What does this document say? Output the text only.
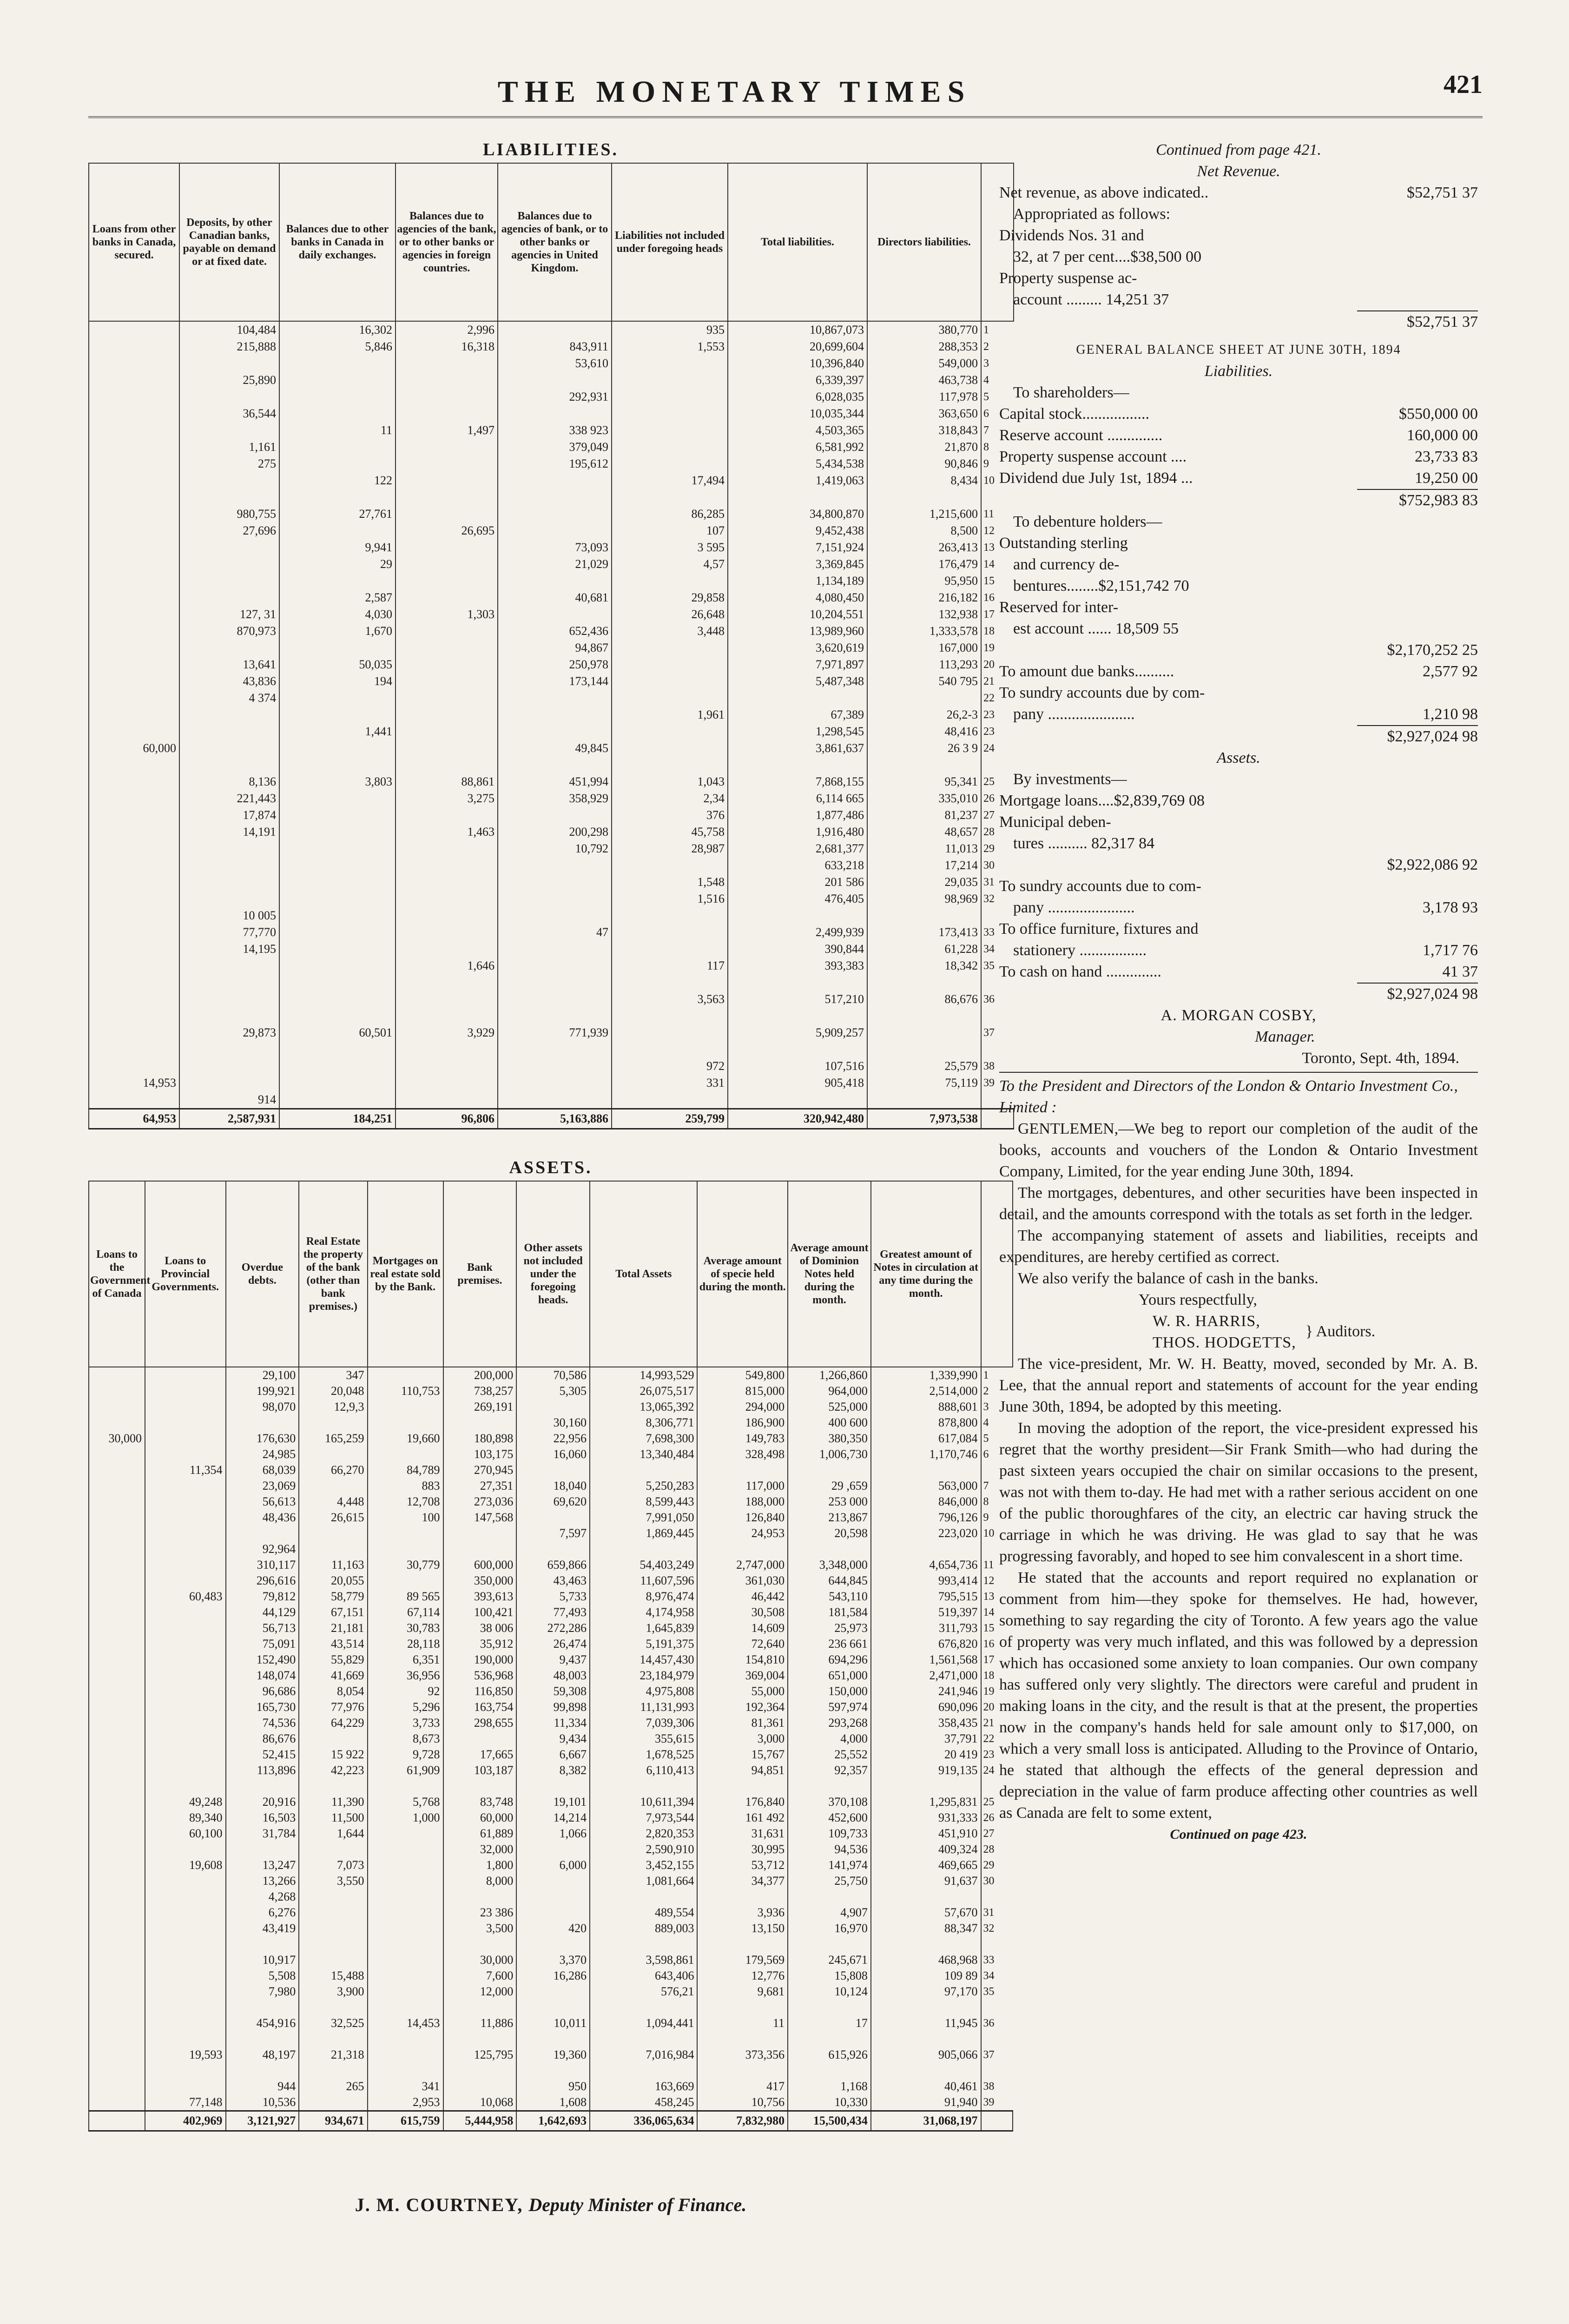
THE MONETARY TIMES	421
LIABILITIES.
Loans from other banks in Canada, secured.	Deposits, by other Canadian banks, payable on demand or at fixed date.	Balances due to other banks in Canada in daily exchanges.	Balances due to agencies of the bank, or to other banks or agencies in foreign countries.	Balances due to agencies of bank, or to other banks or agencies in United Kingdom.	Liabilities not included under foregoing heads	Total liabilities.	Directors liabilities.	
	104,484	16,302	2,996		935	10,867,073	380,770	1
	215,888	5,846	16,318	843,911	1,553	20,699,604	288,353	2
				53,610		10,396,840	549,000	3
	25,890					6,339,397	463,738	4
				292,931		6,028,035	117,978	5
	36,544					10,035,344	363,650	6
		11	1,497	338 923		4,503,365	318,843	7
	1,161			379,049		6,581,992	21,870	8
	275			195,612		5,434,538	90,846	9
		122			17,494	1,419,063	8,434	10

	980,755	27,761			86,285	34,800,870	1,215,600	11
	27,696		26,695		107	9,452,438	8,500	12
		9,941		73,093	3 595	7,151,924	263,413	13
		29		21,029	4,57	3,369,845	176,479	14
						1,134,189	95,950	15
		2,587		40,681	29,858	4,080,450	216,182	16
	127, 31	4,030	1,303		26,648	10,204,551	132,938	17
	870,973	1,670		652,436	3,448	13,989,960	1,333,578	18
				94,867		3,620,619	167,000	19
	13,641	50,035		250,978		7,971,897	113,293	20
	43,836	194		173,144		5,487,348	540 795	21
	4 374							22
					1,961	67,389	26,2-3	23
		1,441				1,298,545	48,416	23
60,000				49,845		3,861,637	26 3 9	24

	8,136	3,803	88,861	451,994	1,043	7,868,155	95,341	25
	221,443		3,275	358,929	2,34	6,114 665	335,010	26
	17,874				376	1,877,486	81,237	27
	14,191		1,463	200,298	45,758	1,916,480	48,657	28
				10,792	28,987	2,681,377	11,013	29
						633,218	17,214	30
					1,548	201 586	29,035	31
					1,516	476,405	98,969	32
	10 005							
	77,770			47		2,499,939	173,413	33
	14,195					390,844	61,228	34
			1,646		117	393,383	18,342	35

					3,563	517,210	86,676	36

	29,873	60,501	3,929	771,939		5,909,257		37

					972	107,516	25,579	38
14,953					331	905,418	75,119	39
	914							
64,953	2,587,931	184,251	96,806	5,163,886	259,799	320,942,480	7,973,538	
ASSETS.
Loans to the Government of Canada	Loans to Provincial Governments.	Overdue debts.	Real Estate the property of the bank (other than bank premises.)	Mortgages on real estate sold by the Bank.	Bank premises.	Other assets not included under the foregoing heads.	Total Assets	Average amount of specie held during the month.	Average amount of Dominion Notes held during the month.	Greatest amount of Notes in circulation at any time during the month.	
		29,100	347		200,000	70,586	14,993,529	549,800	1,266,860	1,339,990	1
		199,921	20,048	110,753	738,257	5,305	26,075,517	815,000	964,000	2,514,000	2
		98,070	12,9,3		269,191		13,065,392	294,000	525,000	888,601	3
						30,160	8,306,771	186,900	400 600	878,800	4
30,000		176,630	165,259	19,660	180,898	22,956	7,698,300	149,783	380,350	617,084	5
		24,985			103,175	16,060	13,340,484	328,498	1,006,730	1,170,746	6
	11,354	68,039	66,270	84,789	270,945						
		23,069		883	27,351	18,040	5,250,283	117,000	29 ,659	563,000	7
		56,613	4,448	12,708	273,036	69,620	8,599,443	188,000	253 000	846,000	8
		48,436	26,615	100	147,568		7,991,050	126,840	213,867	796,126	9
						7,597	1,869,445	24,953	20,598	223,020	10
		92,964									
		310,117	11,163	30,779	600,000	659,866	54,403,249	2,747,000	3,348,000	4,654,736	11
		296,616	20,055		350,000	43,463	11,607,596	361,030	644,845	993,414	12
	60,483	79,812	58,779	89 565	393,613	5,733	8,976,474	46,442	543,110	795,515	13
		44,129	67,151	67,114	100,421	77,493	4,174,958	30,508	181,584	519,397	14
		56,713	21,181	30,783	38 006	272,286	1,645,839	14,609	25,973	311,793	15
		75,091	43,514	28,118	35,912	26,474	5,191,375	72,640	236 661	676,820	16
		152,490	55,829	6,351	190,000	9,437	14,457,430	154,810	694,296	1,561,568	17
		148,074	41,669	36,956	536,968	48,003	23,184,979	369,004	651,000	2,471,000	18
		96,686	8,054	92	116,850	59,308	4,975,808	55,000	150,000	241,946	19
		165,730	77,976	5,296	163,754	99,898	11,131,993	192,364	597,974	690,096	20
		74,536	64,229	3,733	298,655	11,334	7,039,306	81,361	293,268	358,435	21
		86,676		8,673		9,434	355,615	3,000	4,000	37,791	22
		52,415	15 922	9,728	17,665	6,667	1,678,525	15,767	25,552	20 419	23
		113,896	42,223	61,909	103,187	8,382	6,110,413	94,851	92,357	919,135	24

	49,248	20,916	11,390	5,768	83,748	19,101	10,611,394	176,840	370,108	1,295,831	25
	89,340	16,503	11,500	1,000	60,000	14,214	7,973,544	161 492	452,600	931,333	26
	60,100	31,784	1,644		61,889	1,066	2,820,353	31,631	109,733	451,910	27
					32,000		2,590,910	30,995	94,536	409,324	28
	19,608	13,247	7,073		1,800	6,000	3,452,155	53,712	141,974	469,665	29
		13,266	3,550		8,000		1,081,664	34,377	25,750	91,637	30
		4,268									
		6,276			23 386		489,554	3,936	4,907	57,670	31
		43,419			3,500	420	889,003	13,150	16,970	88,347	32

		10,917			30,000	3,370	3,598,861	179,569	245,671	468,968	33
		5,508	15,488		7,600	16,286	643,406	12,776	15,808	109 89	34
		7,980	3,900		12,000		576,21	9,681	10,124	97,170	35

		454,916	32,525	14,453	11,886	10,011	1,094,441	11	17	11,945	36

	19,593	48,197	21,318		125,795	19,360	7,016,984	373,356	615,926	905,066	37

		944	265	341		950	163,669	417	1,168	40,461	38
	77,148	10,536		2,953	10,068	1,608	458,245	10,756	10,330	91,940	39
	402,969	3,121,927	934,671	615,759	5,444,958	1,642,693	336,065,634	7,832,980	15,500,434	31,068,197	
J. M. COURTNEY, Deputy Minister of Finance.
Continued from page 421.
Net Revenue.
Net revenue, as above indicated..	$52,751 37
Appropriated as follows:
Dividends Nos. 31 and
32, at 7 per cent....$38,500 00
Property suspense ac-
account ......... 14,251 37
$52,751 37
GENERAL BALANCE SHEET AT JUNE 30TH, 1894
Liabilities.
To shareholders—
Capital stock.................	$550,000 00
Reserve account ..............	160,000 00
Property suspense account ....	23,733 83
Dividend due July 1st, 1894 ...	19,250 00
$752,983 83
To debenture holders—
Outstanding sterling
and currency de-
bentures........$2,151,742 70
Reserved for inter-
est account ...... 18,509 55
$2,170,252 25
To amount due banks..........	2,577 92
To sundry accounts due by com-
pany ......................	1,210 98
$2,927,024 98
Assets.
By investments—
Mortgage loans....$2,839,769 08
Municipal deben-
tures .......... 82,317 84
$2,922,086 92
To sundry accounts due to com-
pany ......................	3,178 93
To office furniture, fixtures and
stationery .................	1,717 76
To cash on hand ..............	41 37
$2,927,024 98
A. MORGAN COSBY,
Manager.
Toronto, Sept. 4th, 1894.
To the President and Directors of the London & Ontario Investment Co., Limited :
GENTLEMEN,—We beg to report our completion of the audit of the books, accounts and vouchers of the London & Ontario Investment Company, Limited, for the year ending June 30th, 1894.
The mortgages, debentures, and other securities have been inspected in detail, and the amounts correspond with the totals as set forth in the ledger.
The accompanying statement of assets and liabilities, receipts and expenditures, are hereby certified as correct.
We also verify the balance of cash in the banks.
Yours respectfully,
W. R. HARRIS,
THOS. HODGETTS,
} Auditors.
The vice-president, Mr. W. H. Beatty, moved, seconded by Mr. A. B. Lee, that the annual report and statements of account for the year ending June 30th, 1894, be adopted by this meeting.
In moving the adoption of the report, the vice-president expressed his regret that the worthy president—Sir Frank Smith—who had during the past sixteen years occupied the chair on similar occasions to the present, was not with them to-day. He had met with a rather serious accident on one of the public thoroughfares of the city, an electric car having struck the carriage in which he was driving. He was glad to say that he was progressing favorably, and hoped to see him convalescent in a short time.
He stated that the accounts and report required no explanation or comment from him—they spoke for themselves. He had, however, something to say regarding the city of Toronto. A few years ago the value of property was very much inflated, and this was followed by a depression which has occasioned some anxiety to loan companies. Our own company has suffered only very slightly. The directors were careful and prudent in making loans in the city, and the result is that at the present, the properties now in the company's hands held for sale amount only to $17,000, on which a very small loss is anticipated. Alluding to the Province of Ontario, he stated that although the effects of the general depression and depreciation in the value of farm produce affecting other countries as well as Canada are felt to some extent,
Continued on page 423.
